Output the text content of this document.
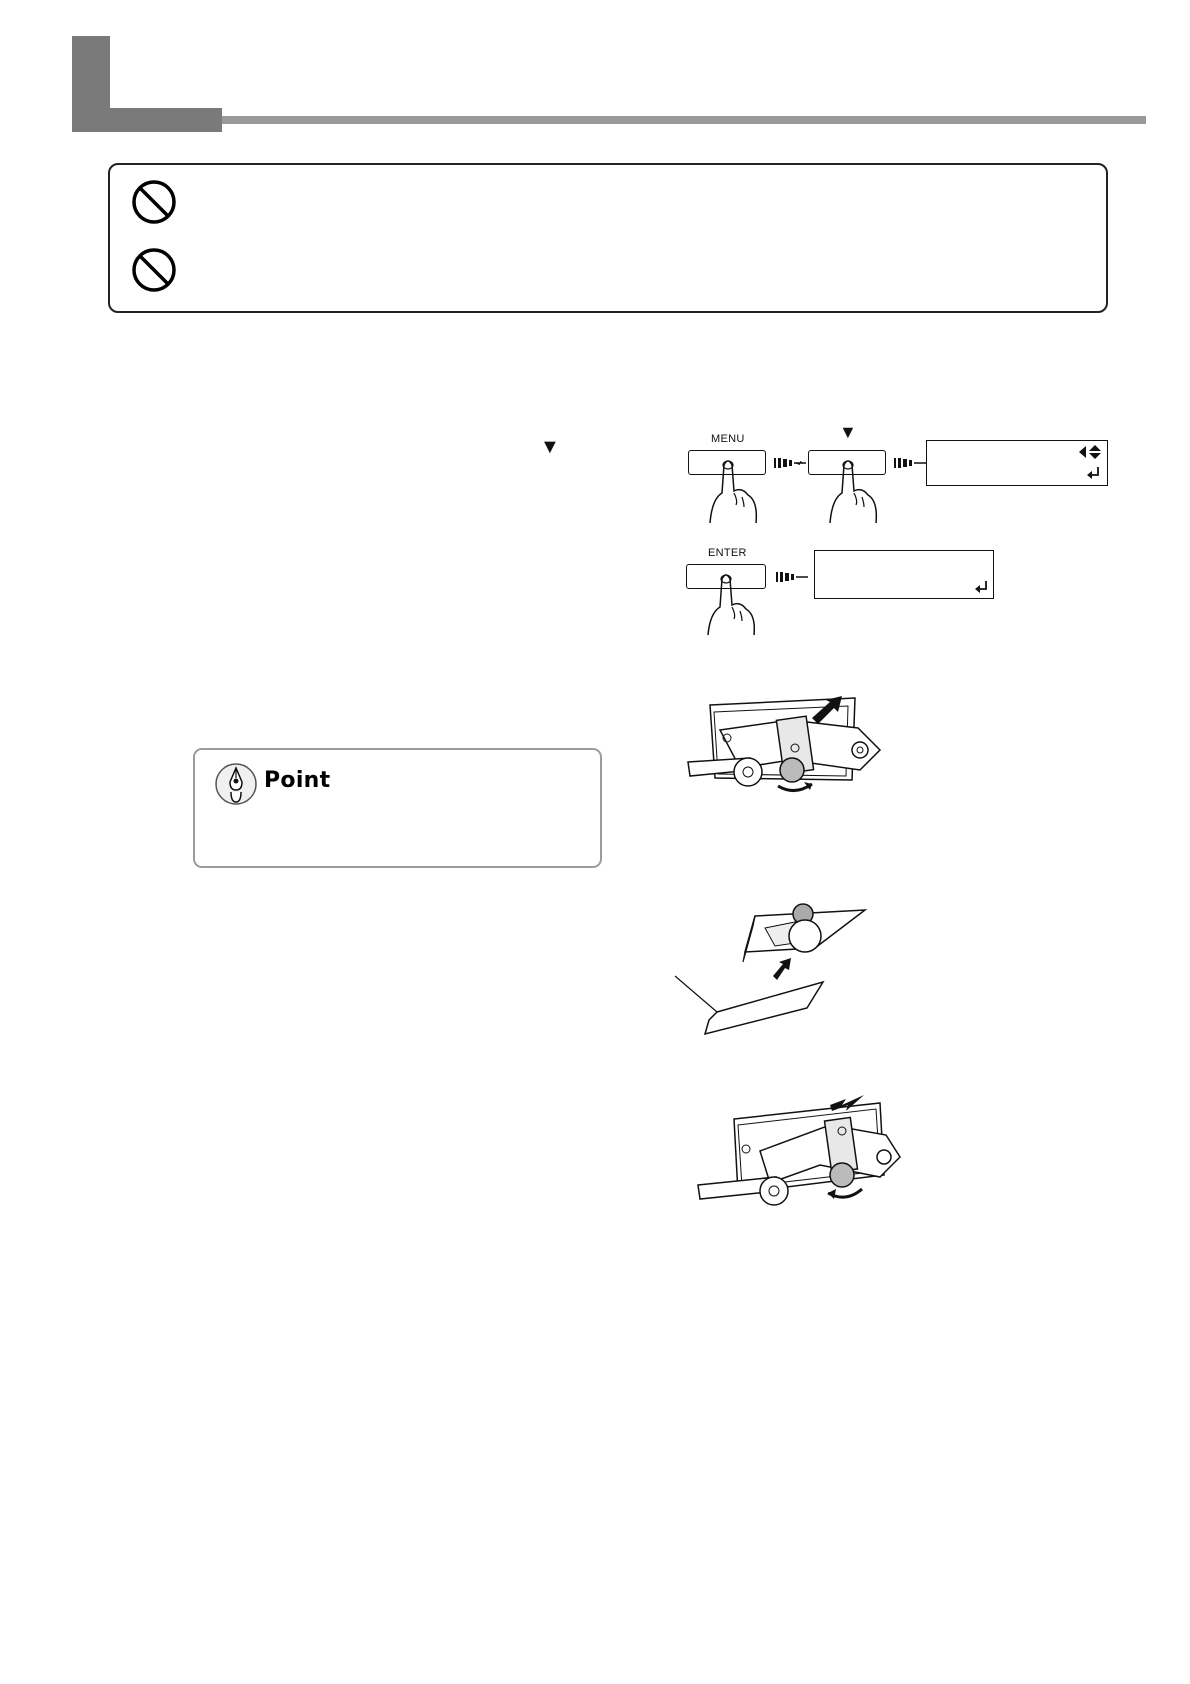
▼	MENU	▼
ENTER
Point
